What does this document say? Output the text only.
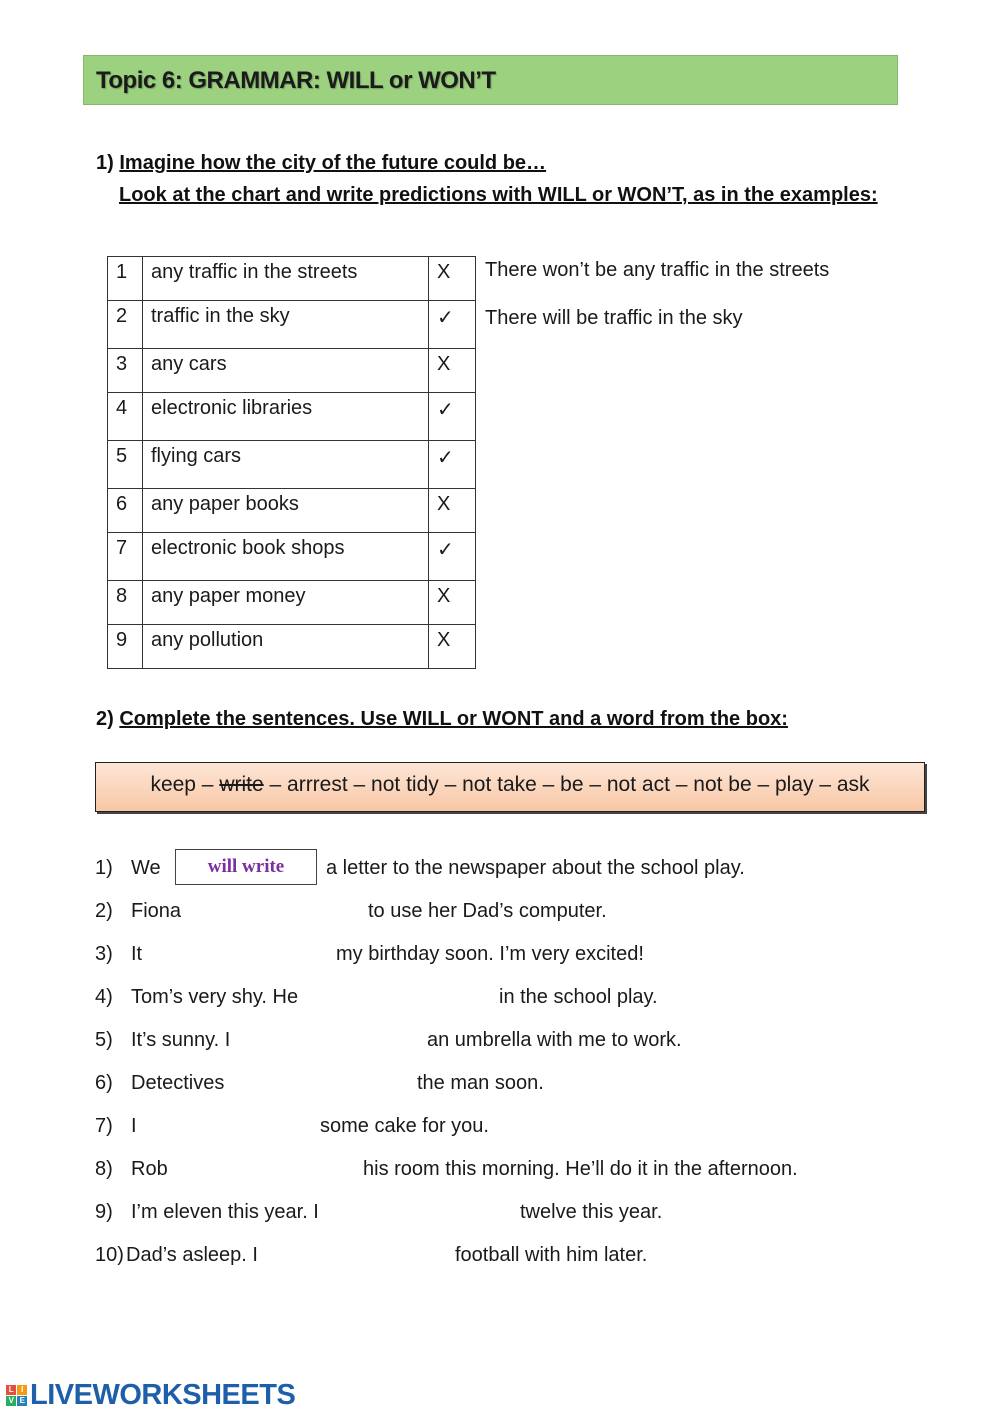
Topic 6: GRAMMAR: WILL or WON’T
1) Imagine how the city of the future could be…
Look at the chart and write predictions with WILL or WON’T, as in the examples:
1	any traffic in the streets	X
2	traffic in the sky	✓
3	any cars	X
4	electronic libraries	✓
5	flying cars	✓
6	any paper books	X
7	electronic book shops	✓
8	any paper money	X
9	any pollution	X
There won’t be any traffic in the streets
There will be traffic in the sky
2) Complete the sentences. Use WILL or WONT and a word from the box:
keep – write – arrrest – not tidy – not take – be – not act – not be – play – ask
will write
1) We	a letter to the newspaper about the school play.
2) Fiona	to use her Dad’s computer.
3) It	my birthday soon. I’m very excited!
4) Tom’s very shy. He	in the school play.
5) It’s sunny. I	an umbrella with me to work.
6) Detectives	the man soon.
7) I	some cake for you.
8) Rob	his room this morning. He’ll do it in the afternoon.
9) I’m eleven this year. I	twelve this year.
10) Dad’s asleep. I	football with him later.
L I
V E LIVEWORKSHEETS
